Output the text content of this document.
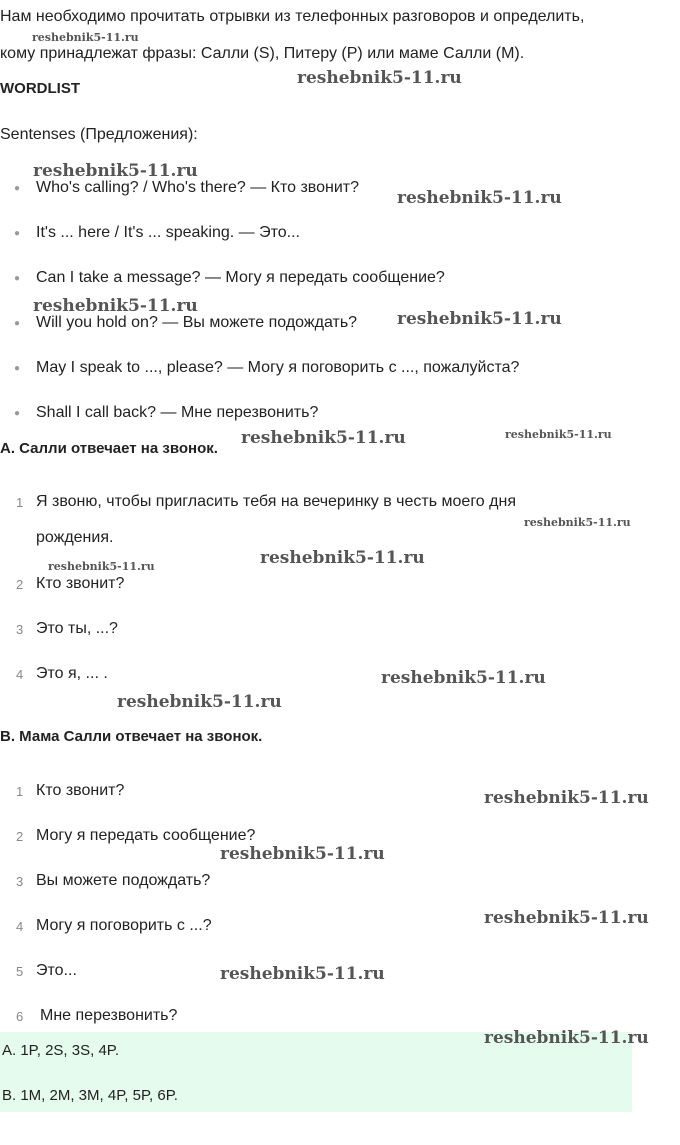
Нам необходимо прочитать отрывки из телефонных разговоров и определить,
кому принадлежат фразы: Салли (S), Питеру (P) или маме Салли (M).
WORDLIST
Sentenses (Предложения):
● Who's calling? / Who's there? — Кто звонит?
● It's ... here / It's ... speaking. — Это...
● Can I take a message? — Могу я передать сообщение?
● Will you hold on? — Вы можете подождать?
● May I speak to ..., please? — Могу я поговорить с ..., пожалуйста?
● Shall I call back? — Мне перезвонить?
A. Салли отвечает на звонок.
1 Я звоню, чтобы пригласить тебя на вечеринку в честь моего дня
рождения.
2 Кто звонит?
3 Это ты, ...?
4 Это я, ... .
B. Мама Салли отвечает на звонок.
1 Кто звонит?
2 Могу я передать сообщение?
3 Вы можете подождать?
4 Могу я поговорить с ...?
5 Это...
6 Мне перезвонить?
A. 1P, 2S, 3S, 4P.
B. 1M, 2M, 3M, 4P, 5P, 6P.
reshebnik5-11.ru
reshebnik5-11.ru
reshebnik5-11.ru
reshebnik5-11.ru
reshebnik5-11.ru
reshebnik5-11.ru
reshebnik5-11.ru	reshebnik5-11.ru
reshebnik5-11.ru
reshebnik5-11.ru
reshebnik5-11.ru
reshebnik5-11.ru
reshebnik5-11.ru
reshebnik5-11.ru
reshebnik5-11.ru
reshebnik5-11.ru
reshebnik5-11.ru
reshebnik5-11.ru
